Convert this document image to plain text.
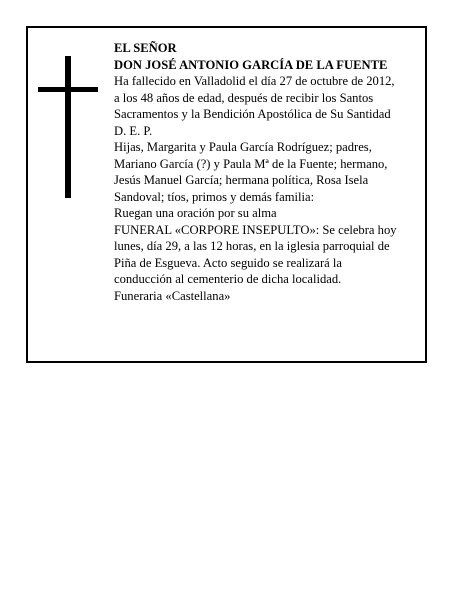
EL SEÑOR
DON JOSÉ ANTONIO GARCÍA DE LA FUENTE
Ha fallecido en Valladolid el día 27 de octubre de 2012,
a los 48 años de edad, después de recibir los Santos
Sacramentos y la Bendición Apostólica de Su Santidad
D. E. P.
Hijas, Margarita y Paula García Rodríguez; padres,
Mariano García (?) y Paula Mª de la Fuente; hermano,
Jesús Manuel García; hermana política, Rosa Isela
Sandoval; tíos, primos y demás familia:
Ruegan una oración por su alma
FUNERAL «CORPORE INSEPULTO»: Se celebra hoy
lunes, día 29, a las 12 horas, en la iglesia parroquial de
Piña de Esgueva. Acto seguido se realizará la
conducción al cementerio de dicha localidad.
Funeraria «Castellana»
